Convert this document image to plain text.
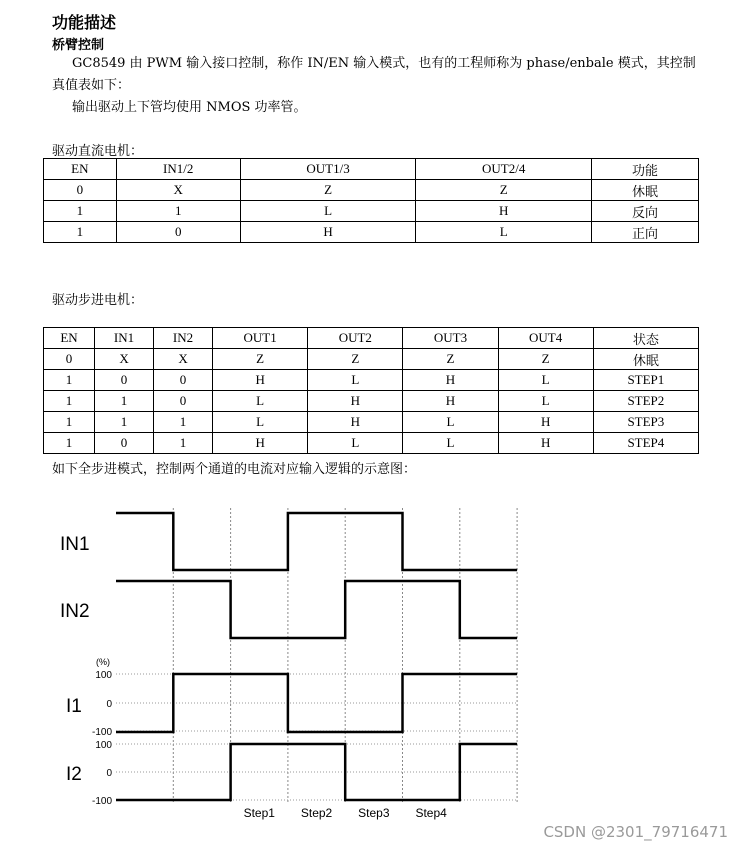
功能描述
桥臂控制
GC8549 由 PWM 输入接口控制，称作 IN/EN 输入模式，也有的工程师称为 phase/enbale 模式，其控制真值表如下：
输出驱动上下管均使用 NMOS 功率管。
驱动直流电机：
EN	IN1/2	OUT1/3	OUT2/4	功能
0	X	Z	Z	休眠
1	1	L	H	反向
1	0	H	L	正向
驱动步进电机：
EN	IN1	IN2	OUT1	OUT2	OUT3	OUT4	状态
0	X	X	Z	Z	Z	Z	休眠
1	0	0	H	L	H	L	STEP1
1	1	0	L	H	H	L	STEP2
1	1	1	L	H	L	H	STEP3
1	0	1	H	L	L	H	STEP4
如下全步进模式，控制两个通道的电流对应输入逻辑的示意图：
IN1
IN2
I1
I2
(%)
100
0
-100
100
0
-100
Step1 Step2 Step3 Step4
CSDN @2301_79716471
